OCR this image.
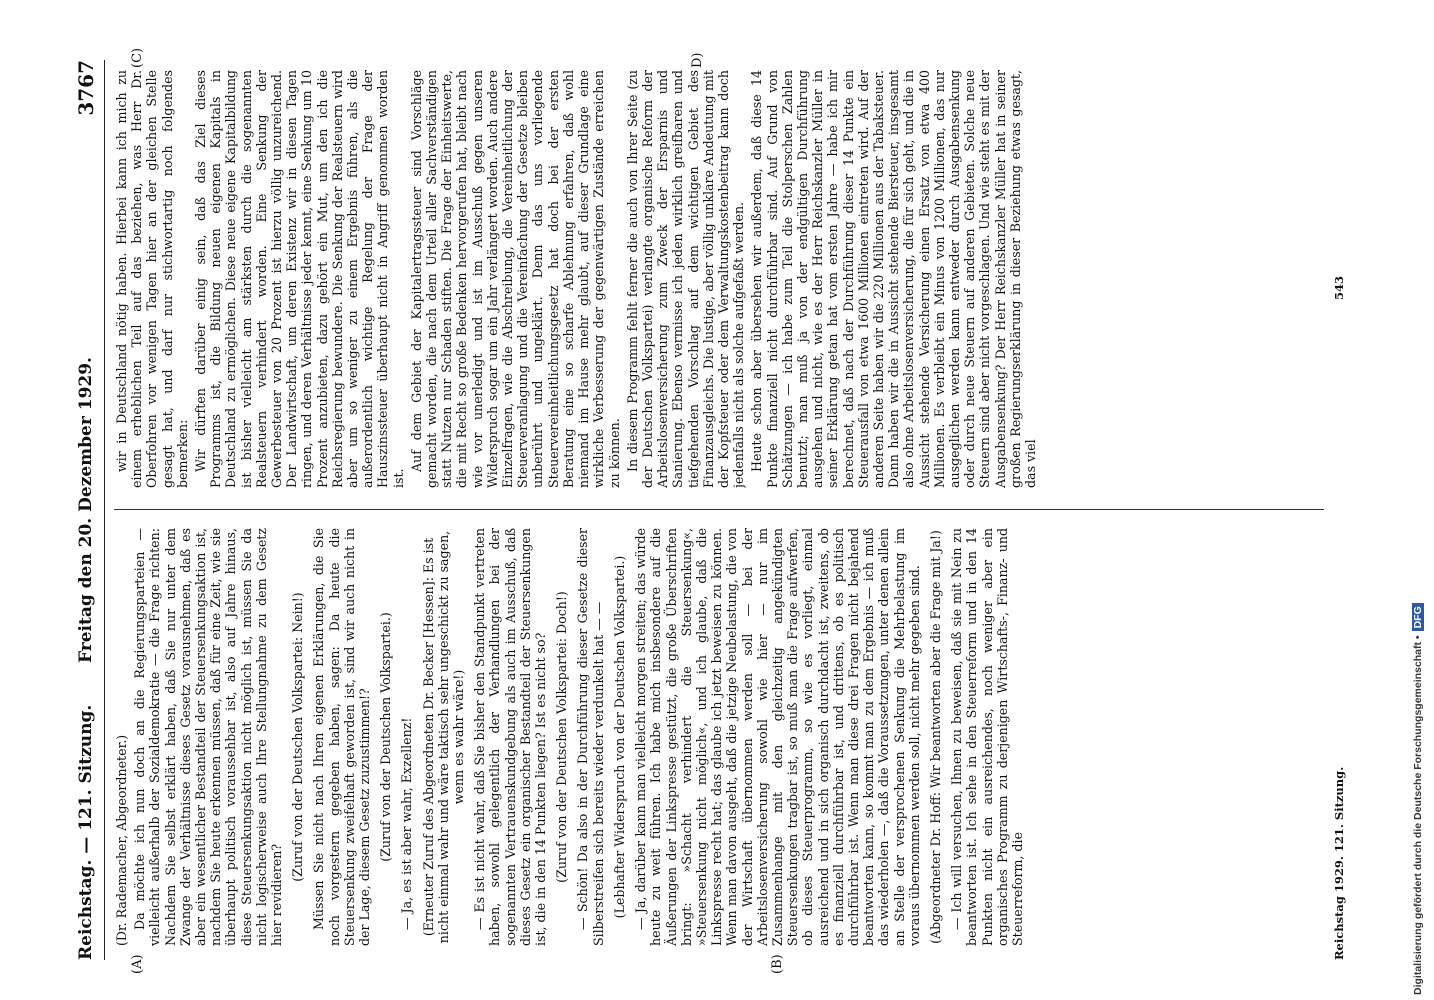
Reichstag. — 121. Sitzung.
Freitag den 20. Dezember 1929.
3767
(A)	(B)
(C)	D)

(Dr. Rademacher, Abgeordneter.) Da möchte ich nun doch an die Regierungsparteien — vielleicht außerhalb der Sozialdemokratie — die Frage richten: Nachdem Sie selbst erklärt haben, daß Sie nur unter dem Zwange der Verhältnisse dieses Gesetz vorausnehmen, daß es aber ein wesentlicher Bestandteil der Steuersenkungsaktion ist, nachdem Sie heute erkennen müssen, daß für eine Zeit, wie sie überhaupt politisch voraussehbar ist, also auf Jahre hinaus, diese Steuersenkungsaktion nicht möglich ist, müssen Sie da nicht logischerweise auch Ihre Stellungnahme zu dem Gesetz hier revidieren?

(Zuruf von der Deutschen Volkspartei: Nein!) Müssen Sie nicht nach Ihren eigenen Erklärungen, die Sie noch vorgestern gegeben haben, sagen: Da heute die Steuersenkung zweifelhaft geworden ist, sind wir auch nicht in der Lage, diesem Gesetz zuzustimmen!? (Zuruf von der Deutschen Volkspartei.) — Ja, es ist aber wahr, Exzellenz! (Erneuter Zuruf des Abgeordneten Dr. Becker [Hessen]: Es ist nicht einmal wahr und wäre taktisch sehr ungeschickt zu sagen, wenn es wahr wäre!) — Es ist nicht wahr, daß Sie bisher den Standpunkt vertreten haben, sowohl gelegentlich der Verhandlungen bei der sogenannten Vertrauenskundgebung als auch im Ausschuß, daß dieses Gesetz ein organischer Bestandteil der Steuersenkungen ist, die in den 14 Punkten liegen? Ist es nicht so? (Zuruf von der Deutschen Volkspartei: Doch!) — Schön! Da also in der Durchführung dieser Gesetze dieser Silberstreifen sich bereits wieder verdunkelt hat — — (Lebhafter Widerspruch von der Deutschen Volkspartei.) — Ja, darüber kann man vielleicht morgen streiten; das würde heute zu weit führen. Ich habe mich insbesondere auf die Äußerungen der Linkspresse gestützt, die große Überschriften bringt: »Schacht verhindert die Steuersenkung«, »Steuersenkung nicht möglich«, und ich glaube, daß die Linkspresse recht hat; das glaube ich jetzt beweisen zu können. Wenn man davon ausgeht, daß die jetzige Neubelastung, die von der Wirtschaft übernommen werden soll — bei der Arbeitslosenversicherung sowohl wie hier — nur im Zusammenhange mit den gleichzeitig angekündigten Steuersenkungen tragbar ist, so muß man die Frage aufwerfen, ob dieses Steuerprogramm, so wie es vorliegt, einmal ausreichend und in sich organisch durchdacht ist, zweitens, ob es finanziell durchführbar ist, und drittens, ob es politisch durchführbar ist. Wenn man diese drei Fragen nicht bejahend beantworten kann, so kommt man zu dem Ergebnis — ich muß das wiederholen —, daß die Voraussetzungen, unter denen allein an Stelle der versprochenen Senkung die Mehrbelastung im voraus übernommen werden soll, nicht mehr gegeben sind. (Abgeordneter Dr. Hoff: Wir beantworten aber die Frage mit Ja!) — Ich will versuchen, Ihnen zu beweisen, daß sie mit Nein zu beantworten ist. Ich sehe in den Steuerreform und in den 14 Punkten nicht ein ausreichendes, noch weniger aber ein organisches Programm zu derjenigen Wirtschafts-, Finanz- und Steuerreform, die

wir in Deutschland nötig haben. Hierbei kann ich mich zu einem erheblichen Teil auf das beziehen, was Herr Dr. Oberfohren vor wenigen Tagen hier an der gleichen Stelle gesagt hat, und darf nur stichwortartig noch folgendes bemerken: Wir dürften darüber einig sein, daß das Ziel dieses Programms ist, die Bildung neuen eigenen Kapitals in Deutschland zu ermöglichen. Diese neue eigene Kapitalbildung ist bisher vielleicht am stärksten durch die sogenannten Realsteuern verhindert worden. Eine Senkung der Gewerbesteuer von 20 Prozent ist hierzu völlig unzureichend. Der Landwirtschaft, um deren Existenz wir in diesen Tagen ringen, und deren Verhältnisse jeder kennt, eine Senkung um 10 Prozent anzubieten, dazu gehört ein Mut, um den ich die Reichsregierung bewundere. Die Senkung der Realsteuern wird aber um so weniger zu einem Ergebnis führen, als die außerordentlich wichtige Regelung der Frage der Hauszinssteuer überhaupt nicht in Angriff genommen worden ist.

Auf dem Gebiet der Kapitalertragssteuer sind Vorschläge gemacht worden, die nach dem Urteil aller Sachverständigen statt Nutzen nur Schaden stiften. Die Frage der Einheitswerte, die mit Recht so große Bedenken hervorgerufen hat, bleibt nach wie vor unerledigt und ist im Ausschuß gegen unseren Widerspruch sogar um ein Jahr verlängert worden. Auch andere Einzelfragen, wie die Abschreibung, die Vereinheitlichung der Steuerveranlagung und die Vereinfachung der Gesetze bleiben unberührt und ungeklärt. Denn das uns vorliegende Steuervereinheitlichungsgesetz hat doch bei der ersten Beratung eine so scharfe Ablehnung erfahren, daß wohl niemand im Hause mehr glaubt, auf dieser Grundlage eine wirkliche Verbesserung der gegenwärtigen Zustände erreichen zu können. In diesem Programm fehlt ferner die auch von Ihrer Seite (zu der Deutschen Volkspartei) verlangte organische Reform der Arbeitslosenversicherung zum Zweck der Ersparnis und Sanierung. Ebenso vermisse ich jeden wirklich greifbaren und tiefgehenden Vorschlag auf dem wichtigen Gebiet des Finanzausgleichs. Die lustige, aber völlig unklare Andeutung mit der Kopfsteuer oder dem Verwaltungskostenbeitrag kann doch jedenfalls nicht als solche aufgefaßt werden. Heute schon aber übersehen wir außerdem, daß diese 14 Punkte finanziell nicht durchführbar sind. Auf Grund von Schätzungen — ich habe zum Teil die Stolperschen Zahlen benutzt; man muß ja von der endgültigen Durchführung ausgehen und nicht, wie es der Herr Reichskanzler Müller in seiner Erklärung getan hat vom ersten Jahre — habe ich mir berechnet, daß nach der Durchführung dieser 14 Punkte ein Steuerausfall von etwa 1600 Millionen eintreten wird. Auf der anderen Seite haben wir die 220 Millionen aus der Tabaksteuer. Dann haben wir die in Aussicht stehende Biersteuer, insgesamt also ohne Arbeitslosenversicherung, die für sich geht, und die in Aussicht stehende Versicherung einen Ersatz von etwa 400 Millionen. Es verbleibt ein Minus von 1200 Millionen, das nur ausgeglichen werden kann entweder durch Ausgabensenkung oder durch neue Steuern auf anderen Gebieten. Solche neue Steuern sind aber nicht vorgeschlagen. Und wie steht es mit der Ausgabensenkung? Der Herr Reichskanzler Müller hat in seiner großen Regierungserklärung in dieser Beziehung etwas gesagt, das viel

Reichstag 1929. 121. Sitzung.
543
Digitalisierung gefördert durch die Deutsche Forschungsgemeinschaft •DFG
